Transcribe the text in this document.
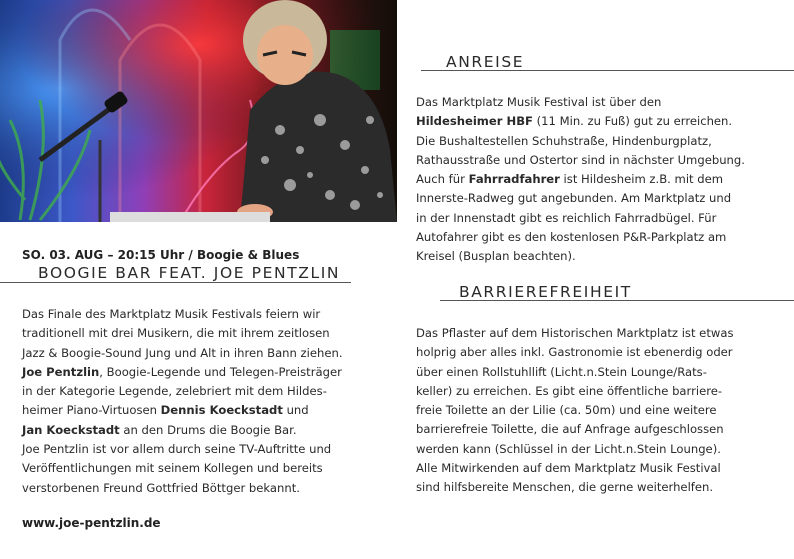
SO. 03. AUG – 20:15 Uhr / Boogie & Blues
BOOGIE BAR FEAT. JOE PENTZLIN
Das Finale des Marktplatz Musik Festivals feiern wir
traditionell mit drei Musikern, die mit ihrem zeitlosen
Jazz & Boogie-Sound Jung und Alt in ihren Bann ziehen.
Joe Pentzlin, Boogie-Legende und Telegen-Preisträger
in der Kategorie Legende, zelebriert mit dem Hildes-
heimer Piano-Virtuosen Dennis Koeckstadt und
Jan Koeckstadt an den Drums die Boogie Bar.
Joe Pentzlin ist vor allem durch seine TV-Auftritte und
Veröffentlichungen mit seinem Kollegen und bereits
verstorbenen Freund Gottfried Böttger bekannt.
www.joe-pentzlin.de
ANREISE
Das Marktplatz Musik Festival ist über den
Hildesheimer HBF (11 Min. zu Fuß) gut zu erreichen.
Die Bushaltestellen Schuhstraße, Hindenburgplatz,
Rathausstraße und Ostertor sind in nächster Umgebung.
Auch für Fahrradfahrer ist Hildesheim z.B. mit dem
Innerste-Radweg gut angebunden. Am Marktplatz und
in der Innenstadt gibt es reichlich Fahrradbügel. Für
Autofahrer gibt es den kostenlosen P&R-Parkplatz am
Kreisel (Busplan beachten).
BARRIEREFREIHEIT
Das Pflaster auf dem Historischen Marktplatz ist etwas
holprig aber alles inkl. Gastronomie ist ebenerdig oder
über einen Rollstuhllift (Licht.n.Stein Lounge/Rats-
keller) zu erreichen. Es gibt eine öffentliche barriere-
freie Toilette an der Lilie (ca. 50m) und eine weitere
barrierefreie Toilette, die auf Anfrage aufgeschlossen
werden kann (Schlüssel in der Licht.n.Stein Lounge).
Alle Mitwirkenden auf dem Marktplatz Musik Festival
sind hilfsbereite Menschen, die gerne weiterhelfen.
